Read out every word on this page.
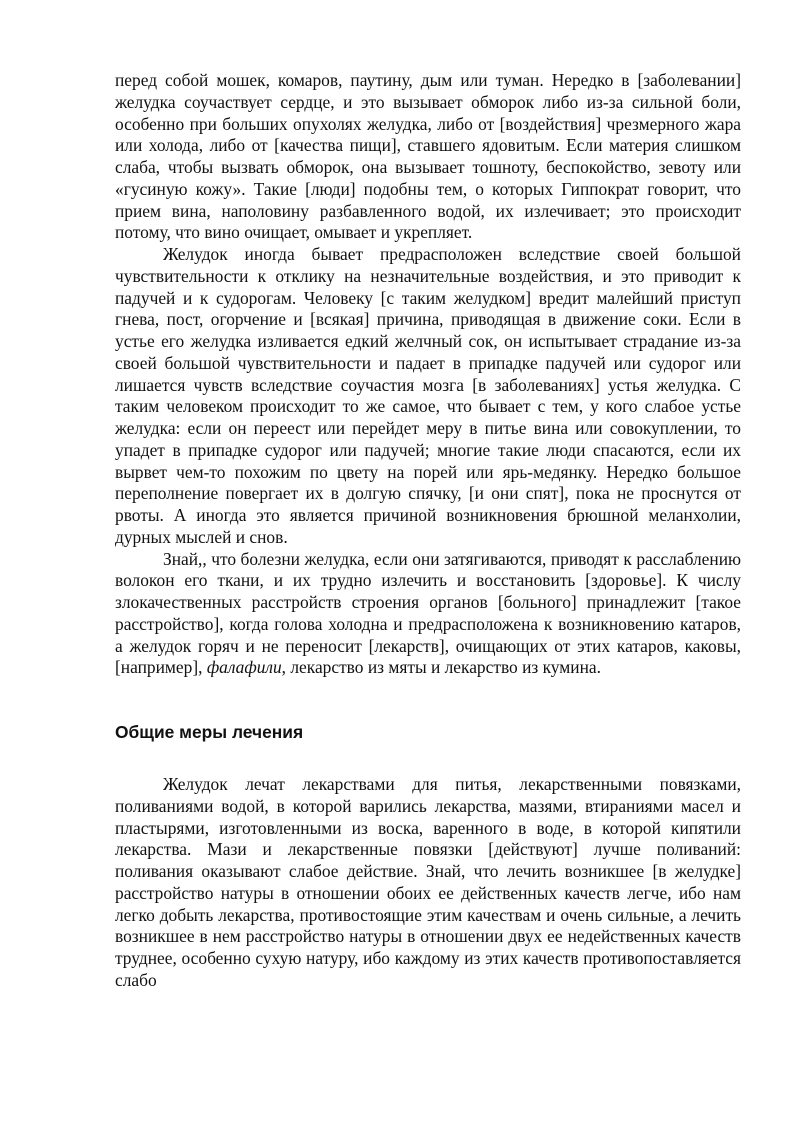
перед собой мошек, комаров, паутину, дым или туман. Нередко в [заболевании] желудка соучаствует сердце, и это вызывает обморок либо из-за сильной боли, особенно при больших опухолях желудка, либо от [воздействия] чрезмерного жара или холода, либо от [качества пищи], ставшего ядовитым. Если материя слишком слаба, чтобы вызвать обморок, она вызывает тошноту, беспокойство, зевоту или «гусиную кожу». Такие [люди] подобны тем, о которых Гиппократ говорит, что прием вина, наполовину разбавленного водой, их излечивает; это происходит потому, что вино очищает, омывает и укрепляет.

Желудок иногда бывает предрасположен вследствие своей большой чувствительности к отклику на незначительные воздействия, и это приводит к падучей и к судорогам. Человеку [с таким желудком] вредит малейший приступ гнева, пост, огорчение и [всякая] причина, приводящая в движение соки. Если в устье его желудка изливается едкий желчный сок, он испытывает страдание из-за своей большой чувствительности и падает в припадке падучей или судорог или лишается чувств вследствие соучастия мозга [в заболеваниях] устья желудка. С таким человеком происходит то же самое, что бывает с тем, у кого слабое устье желудка: если он переест или перейдет меру в питье вина или совокуплении, то упадет в припадке судорог или падучей; многие такие люди спасаются, если их вырвет чем-то похожим по цвету на порей или ярь-медянку. Нередко большое переполнение повергает их в долгую спячку, [и они спят], пока не проснутся от рвоты. А иногда это является причиной возникновения брюшной меланхолии, дурных мыслей и снов.

Знай,, что болезни желудка, если они затягиваются, приводят к расслаблению волокон его ткани, и их трудно излечить и восстановить [здоровье]. К числу злокачественных расстройств строения органов [больного] принадлежит [такое расстройство], когда голова холодна и предрасположена к возникновению катаров, а желудок горяч и не переносит [лекарств], очищающих от этих катаров, каковы, [например], фалафили, лекарство из мяты и лекарство из кумина.

Общие меры лечения

Желудок лечат лекарствами для питья, лекарственными повязками, поливаниями водой, в которой варились лекарства, мазями, втираниями масел и пластырями, изготовленными из воска, варенного в воде, в которой кипятили лекарства. Мази и лекарственные повязки [действуют] лучше поливаний: поливания оказывают слабое действие. Знай, что лечить возникшее [в желудке] расстройство натуры в отношении обоих ее действенных качеств легче, ибо нам легко добыть лекарства, противостоящие этим качествам и очень сильные, а лечить возникшее в нем расстройство натуры в отношении двух ее недейственных качеств труднее, особенно сухую натуру, ибо каждому из этих качеств противопоставляется слабо
